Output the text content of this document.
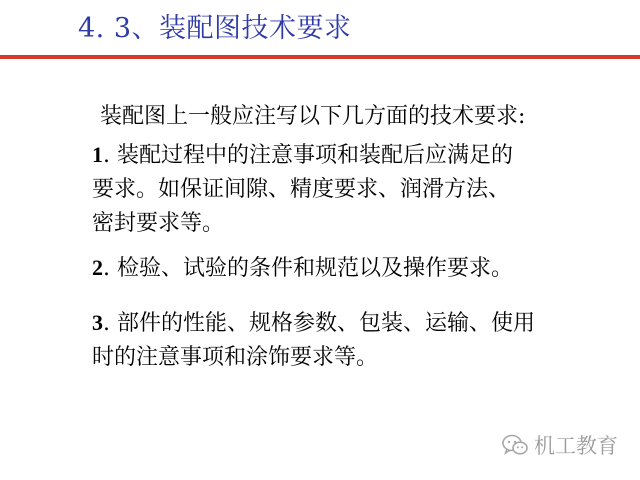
4. 3、装配图技术要求
装配图上一般应注写以下几方面的技术要求:
1. 装配过程中的注意事项和装配后应满足的
要求。如保证间隙、精度要求、润滑方法、
密封要求等。
2. 检验、试验的条件和规范以及操作要求。
3. 部件的性能、规格参数、包装、运输、使用
时的注意事项和涂饰要求等。
机工教育
